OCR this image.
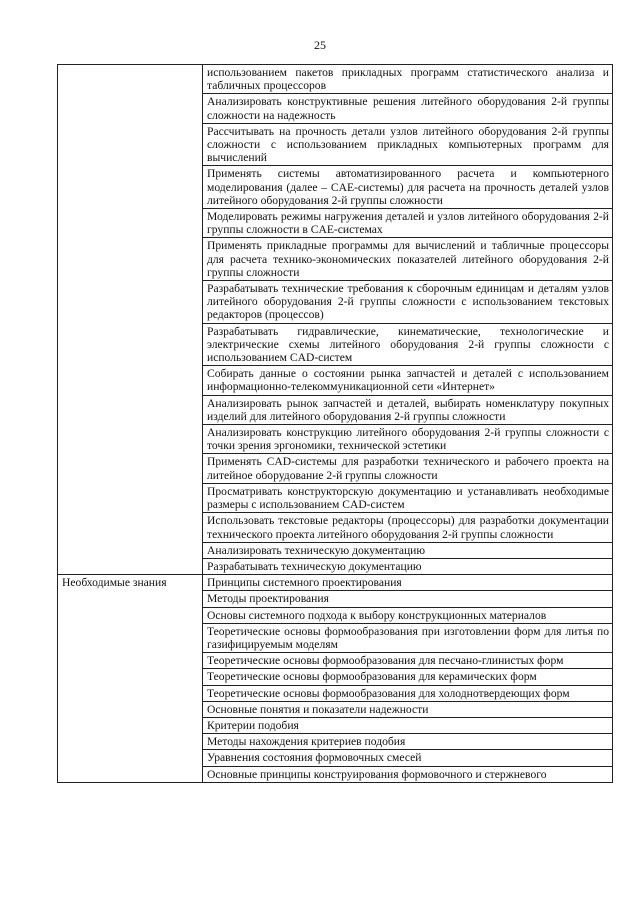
25
	использованием пакетов прикладных программ статистического анализа и табличных процессоров
	Анализировать конструктивные решения литейного оборудования 2-й группы сложности на надежность
	Рассчитывать на прочность детали узлов литейного оборудования 2-й группы сложности с использованием прикладных компьютерных программ для вычислений
	Применять системы автоматизированного расчета и компьютерного моделирования (далее – CAE-системы) для расчета на прочность деталей узлов литейного оборудования 2-й группы сложности
	Моделировать режимы нагружения деталей и узлов литейного оборудования 2-й группы сложности в CAE-системах
	Применять прикладные программы для вычислений и табличные процессоры для расчета технико-экономических показателей литейного оборудования 2-й группы сложности
	Разрабатывать технические требования к сборочным единицам и деталям узлов литейного оборудования 2-й группы сложности с использованием текстовых редакторов (процессов)
	Разрабатывать гидравлические, кинематические, технологические и электрические схемы литейного оборудования 2-й группы сложности с использованием CAD-систем
	Собирать данные о состоянии рынка запчастей и деталей с использованием информационно-телекоммуникационной сети «Интернет»
	Анализировать рынок запчастей и деталей, выбирать номенклатуру покупных изделий для литейного оборудования 2-й группы сложности
	Анализировать конструкцию литейного оборудования 2-й группы сложности с точки зрения эргономики, технической эстетики
	Применять CAD-системы для разработки технического и рабочего проекта на литейное оборудование 2-й группы сложности
	Просматривать конструкторскую документацию и устанавливать необходимые размеры с использованием CAD-систем
	Использовать текстовые редакторы (процессоры) для разработки документации технического проекта литейного оборудования 2-й группы сложности
	Анализировать техническую документацию
	Разрабатывать техническую документацию
Необходимые знания	Принципы системного проектирования
	Методы проектирования
	Основы системного подхода к выбору конструкционных материалов
	Теоретические основы формообразования при изготовлении форм для литья по газифицируемым моделям
	Теоретические основы формообразования для песчано-глинистых форм
	Теоретические основы формообразования для керамических форм
	Теоретические основы формообразования для холоднотвердеющих форм
	Основные понятия и показатели надежности
	Критерии подобия
	Методы нахождения критериев подобия
	Уравнения состояния формовочных смесей
	Основные принципы конструирования формовочного и стержневого
